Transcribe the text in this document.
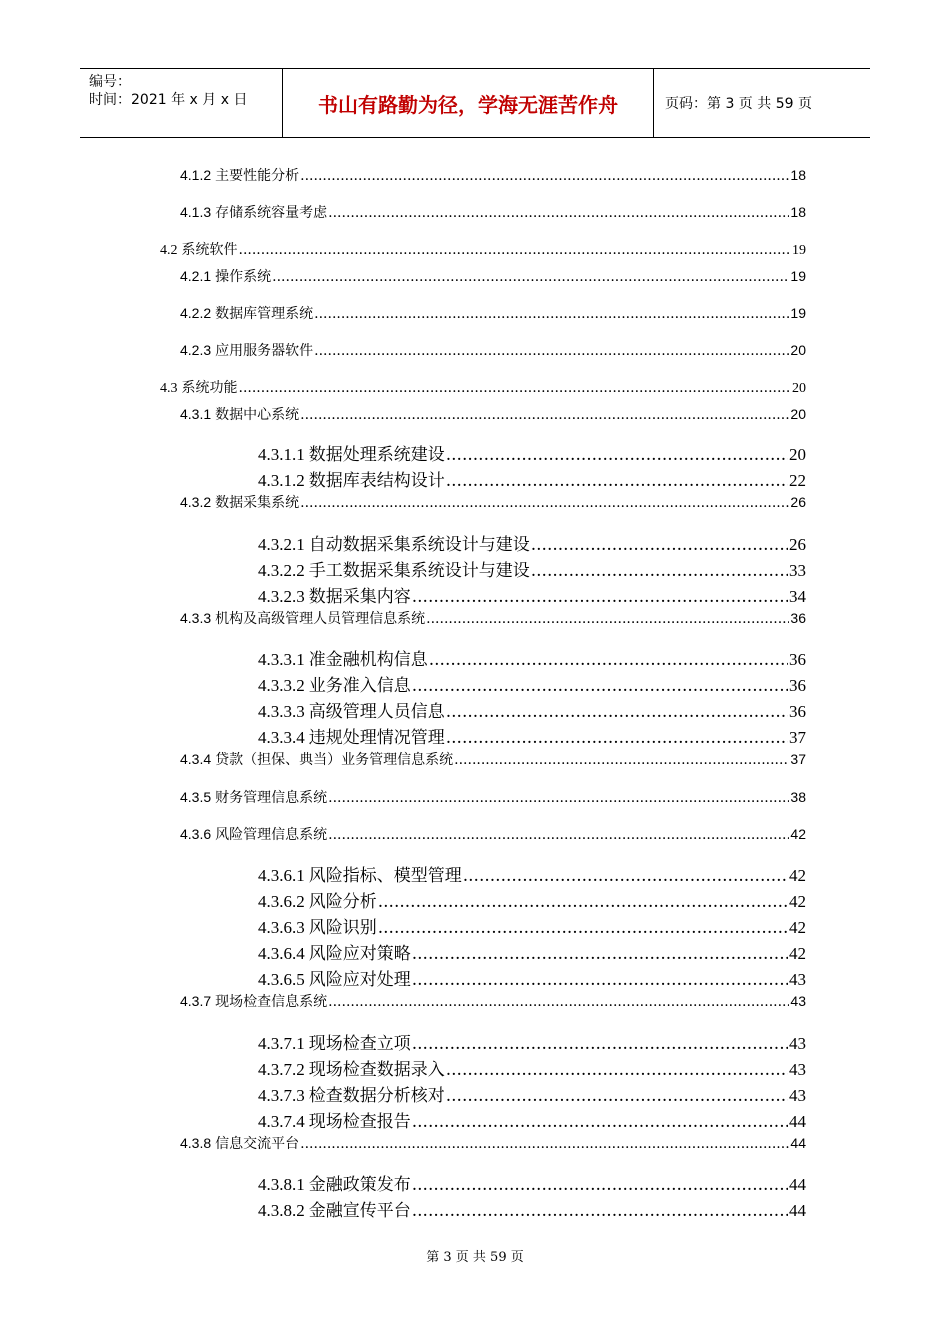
编号：
时间：2021 年 x 月 x 日	书山有路勤为径，学海无涯苦作舟	页码：第 3 页 共 59 页
4.1.2 主要性能分析 .....	18
4.1.3 存储系统容量考虑 .....	18
4.2 系统软件 .....	19
4.2.1 操作系统 .....	19
4.2.2 数据库管理系统 .....	19
4.2.3 应用服务器软件 .....	20
4.3 系统功能 .....	20
4.3.1 数据中心系统 .....	20
4.3.1.1 数据处理系统建设 .....	20
4.3.1.2 数据库表结构设计 .....	22
4.3.2 数据采集系统 .....	26
4.3.2.1 自动数据采集系统设计与建设 .....	26
4.3.2.2 手工数据采集系统设计与建设 .....	33
4.3.2.3 数据采集内容 .....	34
4.3.3 机构及高级管理人员管理信息系统 .....	36
4.3.3.1 准金融机构信息 .....	36
4.3.3.2 业务准入信息 .....	36
4.3.3.3 高级管理人员信息 .....	36
4.3.3.4 违规处理情况管理 .....	37
4.3.4 贷款（担保、典当）业务管理信息系统 .....	37
4.3.5 财务管理信息系统 .....	38
4.3.6 风险管理信息系统 .....	42
4.3.6.1 风险指标、模型管理 .....	42
4.3.6.2 风险分析 .....	42
4.3.6.3 风险识别 .....	42
4.3.6.4 风险应对策略 .....	42
4.3.6.5 风险应对处理 .....	43
4.3.7 现场检查信息系统 .....	43
4.3.7.1 现场检查立项 .....	43
4.3.7.2 现场检查数据录入 .....	43
4.3.7.3 检查数据分析核对 .....	43
4.3.7.4 现场检查报告 .....	44
4.3.8 信息交流平台 .....	44
4.3.8.1 金融政策发布 .....	44
4.3.8.2 金融宣传平台 .....	44
第 3 页 共 59 页
